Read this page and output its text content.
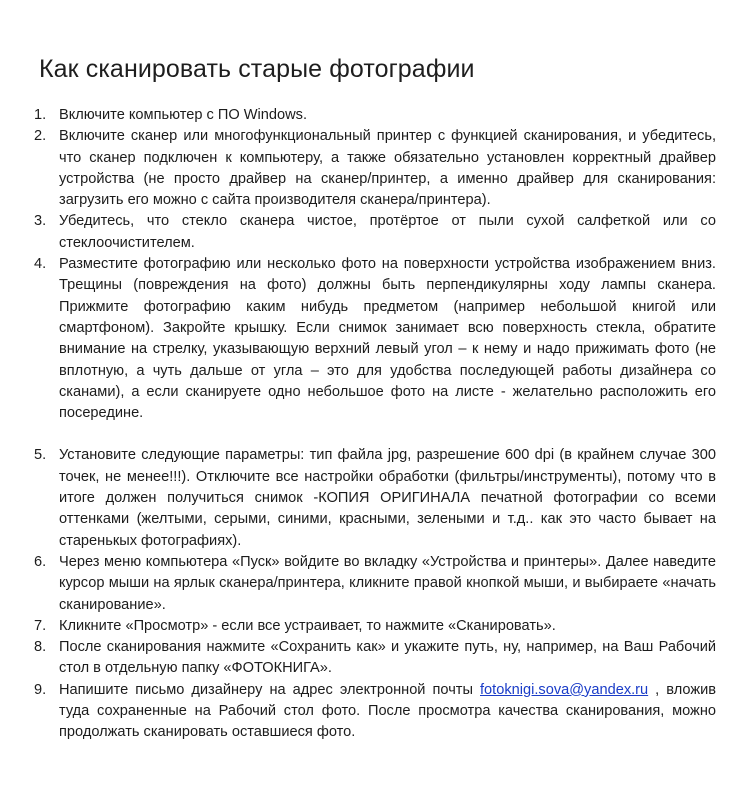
Как сканировать старые фотографии
1. Включите компьютер с ПО Windows.
2. Включите сканер или многофункциональный принтер с функцией сканирования, и убедитесь, что сканер подключен к компьютеру, а также обязательно установлен корректный драйвер устройства (не просто драйвер на сканер/принтер, а именно драйвер для сканирования: загрузить его можно с сайта производителя сканера/принтера).
3. Убедитесь, что стекло сканера чистое, протёртое от пыли сухой салфеткой или со стеклоочистителем.
4. Разместите фотографию или несколько фото на поверхности устройства изображением вниз. Трещины (повреждения на фото) должны быть перпендикулярны ходу лампы сканера. Прижмите фотографию каким нибудь предметом (например небольшой книгой или смартфоном). Закройте крышку. Если снимок занимает всю поверхность стекла, обратите внимание на стрелку, указывающую верхний левый угол – к нему и надо прижимать фото (не вплотную, а чуть дальше от угла – это для удобства последующей работы дизайнера со сканами), а если сканируете одно небольшое фото на листе - желательно расположить его посередине.
5. Установите следующие параметры: тип файла jpg, разрешение 600 dpi (в крайнем случае 300 точек, не менее!!!). Отключите все настройки обработки (фильтры/инструменты), потому что в итоге должен получиться снимок -КОПИЯ ОРИГИНАЛА печатной фотографии со всеми оттенками (желтыми, серыми, синими, красными, зелеными и т.д.. как это часто бывает на старенькых фотографиях).
6. Через меню компьютера «Пуск» войдите во вкладку «Устройства и принтеры». Далее наведите курсор мыши на ярлык сканера/принтера, кликните правой кнопкой мыши, и выбираете «начать сканирование».
7. Кликните «Просмотр» - если все устраивает, то нажмите «Сканировать».
8. После сканирования нажмите «Сохранить как» и укажите путь, ну, например, на Ваш Рабочий стол в отдельную папку «ФОТОКНИГА».
9. Напишите письмо дизайнеру на адрес электронной почты fotoknigi.sova@yandex.ru , вложив туда сохраненные на Рабочий стол фото. После просмотра качества сканирования, можно продолжать сканировать оставшиеся фото.
